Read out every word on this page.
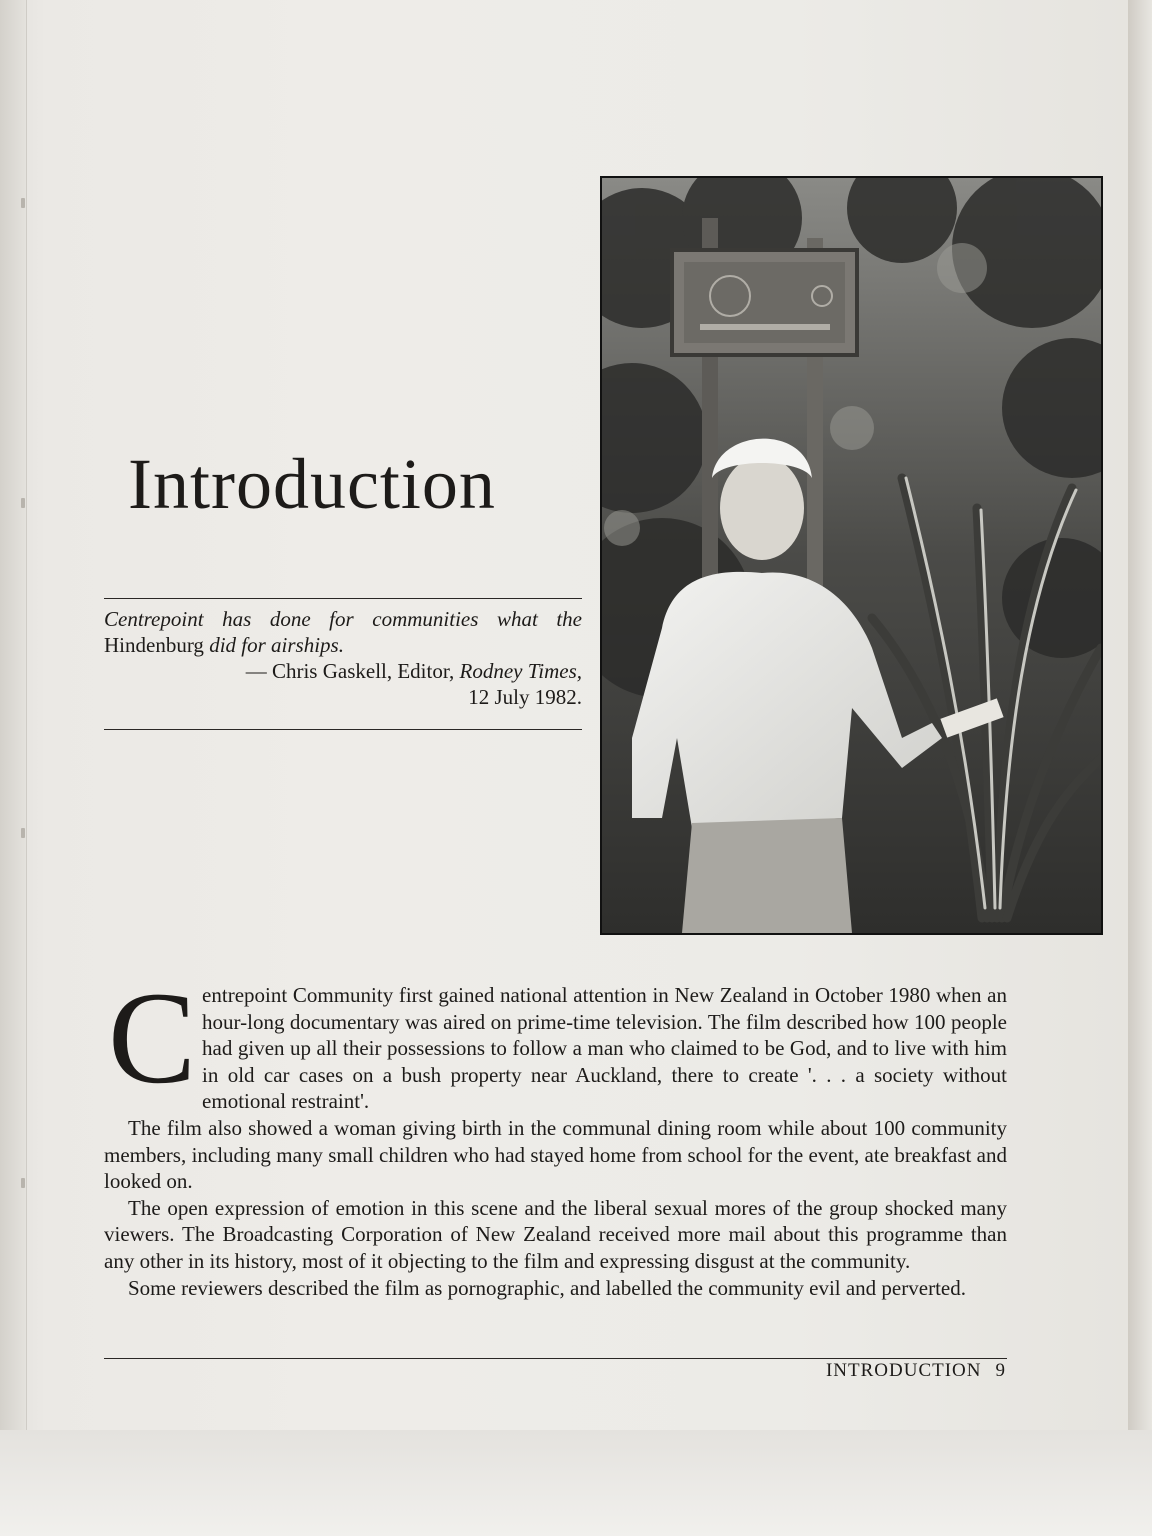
Introduction

Centrepoint has done for communities what the Hindenburg did for airships.

— Chris Gaskell, Editor, Rodney Times,

12 July 1982.

Centrepoint Community first gained national attention in New Zealand in October 1980 when an hour-long documentary was aired on prime-time television. The film described how 100 people had given up all their possessions to follow a man who claimed to be God, and to live with him in old car cases on a bush property near Auckland, there to create '. . . a society without emotional restraint'.

The film also showed a woman giving birth in the communal dining room while about 100 community members, including many small children who had stayed home from school for the event, ate breakfast and looked on.

The open expression of emotion in this scene and the liberal sexual mores of the group shocked many viewers. The Broadcasting Corporation of New Zealand received more mail about this programme than any other in its history, most of it objecting to the film and expressing disgust at the community.

Some reviewers described the film as pornographic, and labelled the community evil and perverted.

INTRODUCTION 9
